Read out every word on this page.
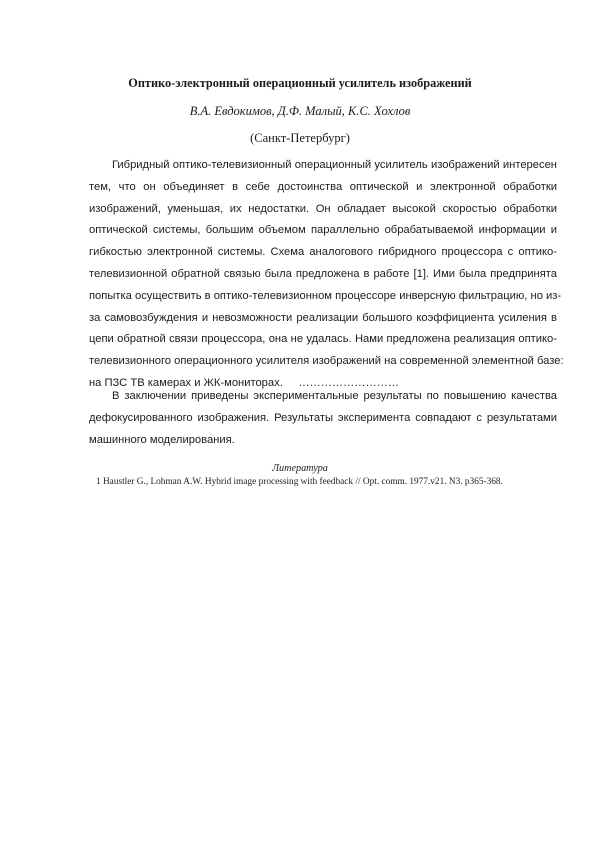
Оптико-электронный операционный усилитель изображений
В.А. Евдокимов, Д.Ф. Малый, К.С. Хохлов
(Санкт-Петербург)
Гибридный оптико-телевизионный операционный усилитель изображений интересен
тем, что он объединяет в себе достоинства оптической и электронной обработки
изображений, уменьшая, их недостатки. Он обладает высокой скоростью обработки
оптической системы, большим объемом параллельно обрабатываемой информации и
гибкостью электронной системы. Схема аналогового гибридного процессора с оптико-
телевизионной обратной связью была предложена в работе [1]. Ими была предпринята
попытка осуществить в оптико-телевизионном процессоре инверсную фильтрацию, но из-
за самовозбуждения и невозможности реализации большого коэффициента усиления в
цепи обратной связи процессора, она не удалась. Нами предложена реализация оптико-
телевизионного операционного усилителя изображений на современной элементной базе:
на ПЗС ТВ камерах и ЖК-мониторах.     ………………………
В заключении приведены экспериментальные результаты по повышению качества
дефокусированного изображения. Результаты эксперимента совпадают с результатами
машинного моделирования.
Литература
1 Haustler G., Lohman A.W. Hybrid image processing with feedback // Opt. comm. 1977.v21. N3. p365-368.
